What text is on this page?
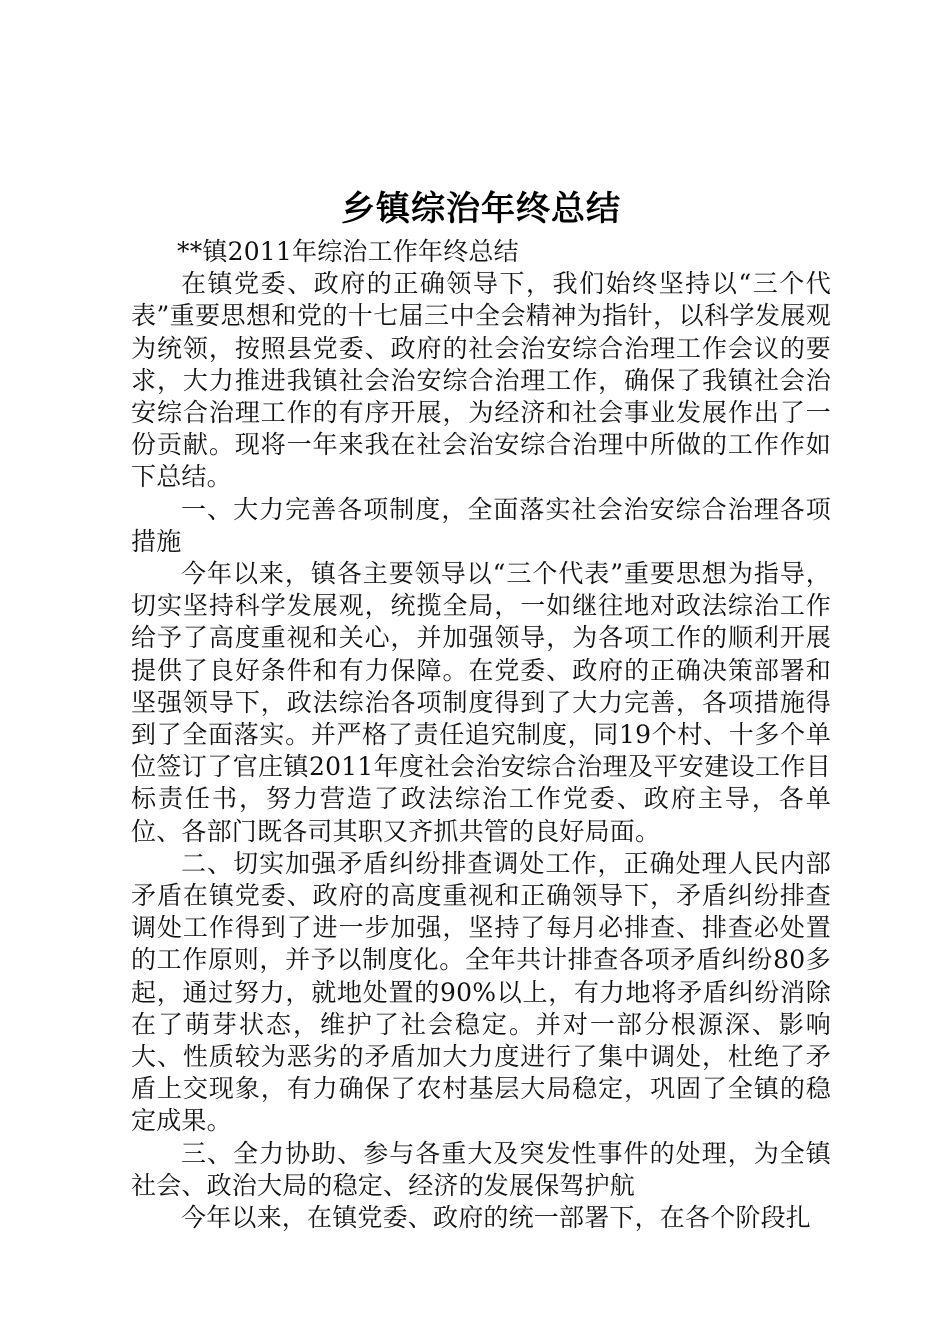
乡镇综治年终总结

**镇2011年综治工作年终总结

在镇党委、政府的正确领导下，我们始终坚持以“三个代表”重要思想和党的十七届三中全会精神为指针，以科学发展观为统领，按照县党委、政府的社会治安综合治理工作会议的要求，大力推进我镇社会治安综合治理工作，确保了我镇社会治安综合治理工作的有序开展，为经济和社会事业发展作出了一份贡献。现将一年来我在社会治安综合治理中所做的工作作如下总结。

一、大力完善各项制度，全面落实社会治安综合治理各项措施

今年以来，镇各主要领导以“三个代表”重要思想为指导，切实坚持科学发展观，统揽全局，一如继往地对政法综治工作给予了高度重视和关心，并加强领导，为各项工作的顺利开展提供了良好条件和有力保障。在党委、政府的正确决策部署和坚强领导下，政法综治各项制度得到了大力完善，各项措施得到了全面落实。并严格了责任追究制度，同19个村、十多个单位签订了官庄镇2011年度社会治安综合治理及平安建设工作目标责任书，努力营造了政法综治工作党委、政府主导，各单位、各部门既各司其职又齐抓共管的良好局面。

二、切实加强矛盾纠纷排查调处工作，正确处理人民内部矛盾在镇党委、政府的高度重视和正确领导下，矛盾纠纷排查调处工作得到了进一步加强，坚持了每月必排查、排查必处置的工作原则，并予以制度化。全年共计排查各项矛盾纠纷80多起，通过努力，就地处置的90%以上，有力地将矛盾纠纷消除在了萌芽状态，维护了社会稳定。并对一部分根源深、影响大、性质较为恶劣的矛盾加大力度进行了集中调处，杜绝了矛盾上交现象，有力确保了农村基层大局稳定，巩固了全镇的稳定成果。

三、全力协助、参与各重大及突发性事件的处理，为全镇社会、政治大局的稳定、经济的发展保驾护航

今年以来，在镇党委、政府的统一部署下，在各个阶段扎
